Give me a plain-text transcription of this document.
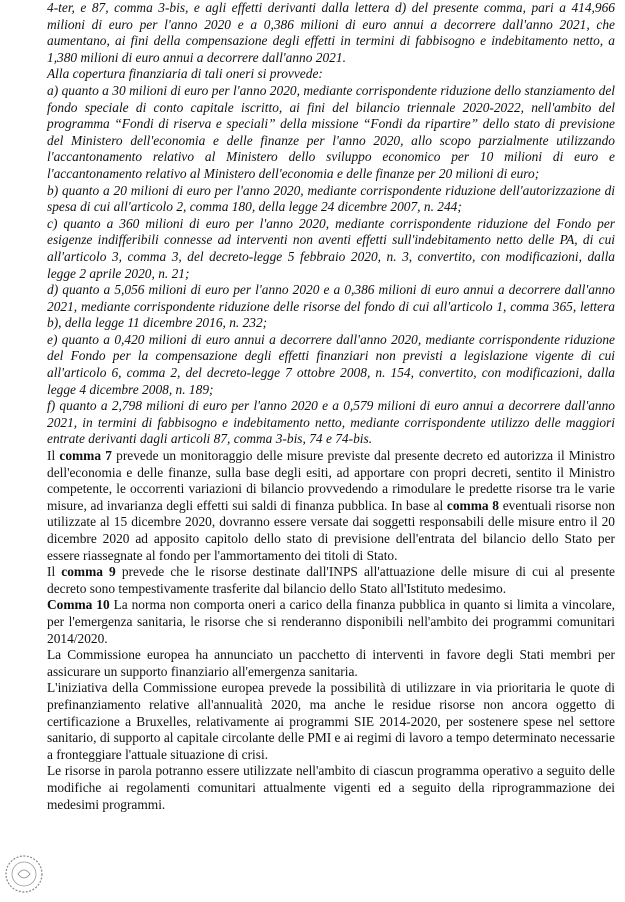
4-ter, e 87, comma 3-bis, e agli effetti derivanti dalla lettera d) del presente comma, pari a 414,966 milioni di euro per l'anno 2020 e a 0,386 milioni di euro annui a decorrere dall'anno 2021, che aumentano, ai fini della compensazione degli effetti in termini di fabbisogno e indebitamento netto, a 1,380 milioni di euro annui a decorrere dall'anno 2021.

Alla copertura finanziaria di tali oneri si provvede:

a) quanto a 30 milioni di euro per l'anno 2020, mediante corrispondente riduzione dello stanziamento del fondo speciale di conto capitale iscritto, ai fini del bilancio triennale 2020-2022, nell'ambito del programma “Fondi di riserva e speciali” della missione “Fondi da ripartire” dello stato di previsione del Ministero dell'economia e delle finanze per l'anno 2020, allo scopo parzialmente utilizzando l'accantonamento relativo al Ministero dello sviluppo economico per 10 milioni di euro e l'accantonamento relativo al Ministero dell'economia e delle finanze per 20 milioni di euro;

b) quanto a 20 milioni di euro per l'anno 2020, mediante corrispondente riduzione dell'autorizzazione di spesa di cui all'articolo 2, comma 180, della legge 24 dicembre 2007, n. 244;

c) quanto a 360 milioni di euro per l'anno 2020, mediante corrispondente riduzione del Fondo per esigenze indifferibili connesse ad interventi non aventi effetti sull'indebitamento netto delle PA, di cui all'articolo 3, comma 3, del decreto-legge 5 febbraio 2020, n. 3, convertito, con modificazioni, dalla legge 2 aprile 2020, n. 21;

d) quanto a 5,056 milioni di euro per l'anno 2020 e a 0,386 milioni di euro annui a decorrere dall'anno 2021, mediante corrispondente riduzione delle risorse del fondo di cui all'articolo 1, comma 365, lettera b), della legge 11 dicembre 2016, n. 232;

e) quanto a 0,420 milioni di euro annui a decorrere dall'anno 2020, mediante corrispondente riduzione del Fondo per la compensazione degli effetti finanziari non previsti a legislazione vigente di cui all'articolo 6, comma 2, del decreto-legge 7 ottobre 2008, n. 154, convertito, con modificazioni, dalla legge 4 dicembre 2008, n. 189;

f) quanto a 2,798 milioni di euro per l'anno 2020 e a 0,579 milioni di euro annui a decorrere dall'anno 2021, in termini di fabbisogno e indebitamento netto, mediante corrispondente utilizzo delle maggiori entrate derivanti dagli articoli 87, comma 3-bis, 74 e 74-bis.

Il comma 7 prevede un monitoraggio delle misure previste dal presente decreto ed autorizza il Ministro dell'economia e delle finanze, sulla base degli esiti, ad apportare con propri decreti, sentito il Ministro competente, le occorrenti variazioni di bilancio provvedendo a rimodulare le predette risorse tra le varie misure, ad invarianza degli effetti sui saldi di finanza pubblica. In base al comma 8 eventuali risorse non utilizzate al 15 dicembre 2020, dovranno essere versate dai soggetti responsabili delle misure entro il 20 dicembre 2020 ad apposito capitolo dello stato di previsione dell'entrata del bilancio dello Stato per essere riassegnate al fondo per l'ammortamento dei titoli di Stato.

Il comma 9 prevede che le risorse destinate dall'INPS all'attuazione delle misure di cui al presente decreto sono tempestivamente trasferite dal bilancio dello Stato all'Istituto medesimo.

Comma 10 La norma non comporta oneri a carico della finanza pubblica in quanto si limita a vincolare, per l'emergenza sanitaria, le risorse che si renderanno disponibili nell'ambito dei programmi comunitari 2014/2020.

La Commissione europea ha annunciato un pacchetto di interventi in favore degli Stati membri per assicurare un supporto finanziario all'emergenza sanitaria.

L'iniziativa della Commissione europea prevede la possibilità di utilizzare in via prioritaria le quote di prefinanziamento relative all'annualità 2020, ma anche le residue risorse non ancora oggetto di certificazione a Bruxelles, relativamente ai programmi SIE 2014-2020, per sostenere spese nel settore sanitario, di supporto al capitale circolante delle PMI e ai regimi di lavoro a tempo determinato necessarie a fronteggiare l'attuale situazione di crisi.

Le risorse in parola potranno essere utilizzate nell'ambito di ciascun programma operativo a seguito delle modifiche ai regolamenti comunitari attualmente vigenti ed a seguito della riprogrammazione dei medesimi programmi.
